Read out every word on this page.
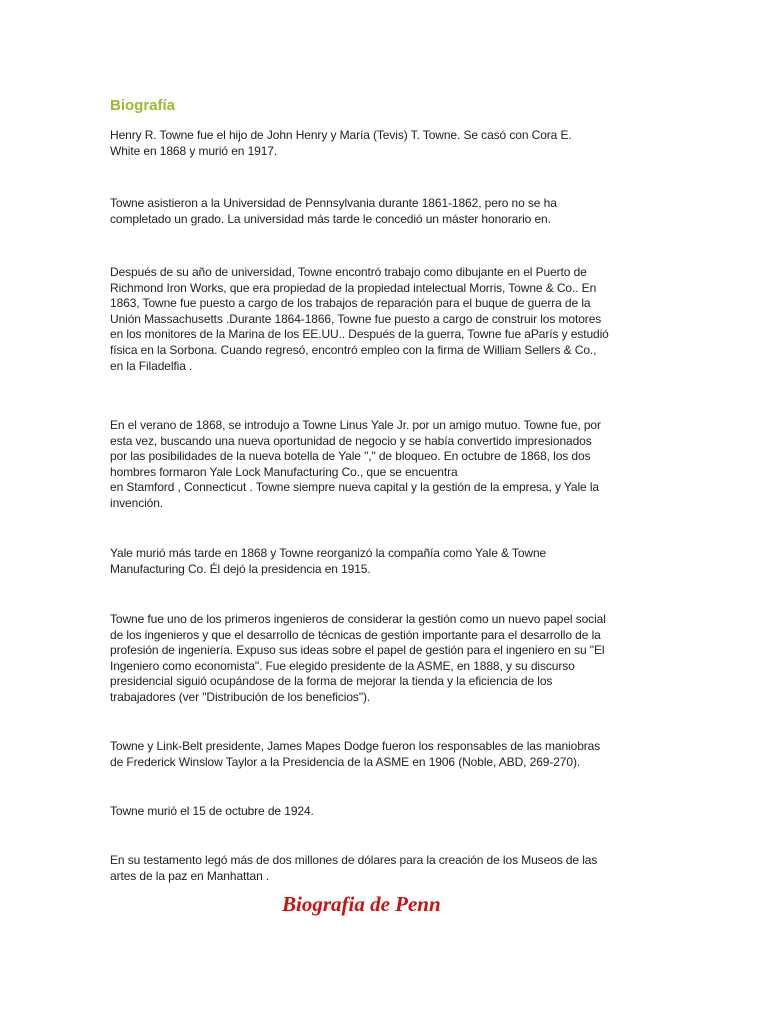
Biografía

Henry R. Towne fue el hijo de John Henry y María (Tevis) T. Towne. Se casó con Cora E.
White en 1868 y murió en 1917.

Towne asistieron a la Universidad de Pennsylvania durante 1861-1862, pero no se ha
completado un grado. La universidad más tarde le concedió un máster honorario en.

Después de su año de universidad, Towne encontró trabajo como dibujante en el Puerto de
Richmond Iron Works, que era propiedad de la propiedad intelectual Morris, Towne & Co.. En
1863, Towne fue puesto a cargo de los trabajos de reparación para el buque de guerra de la
Unión Massachusetts .Durante 1864-1866, Towne fue puesto a cargo de construir los motores
en los monitores de la Marina de los EE.UU.. Después de la guerra, Towne fue aParís y estudió
física en la Sorbona. Cuando regresó, encontró empleo con la firma de William Sellers & Co.,
en la Filadelfia .

En el verano de 1868, se introdujo a Towne Linus Yale Jr. por un amigo mutuo. Towne fue, por
esta vez, buscando una nueva oportunidad de negocio y se había convertido impresionados
por las posibilidades de la nueva botella de Yale "," de bloqueo. En octubre de 1868, los dos
hombres formaron Yale Lock Manufacturing Co., que se encuentra
en Stamford , Connecticut . Towne siempre nueva capital y la gestión de la empresa, y Yale la
invención.

Yale murió más tarde en 1868 y Towne reorganizó la compañía como Yale & Towne
Manufacturing Co. Él dejó la presidencia en 1915.

Towne fue uno de los primeros ingenieros de considerar la gestión como un nuevo papel social
de los ingenieros y que el desarrollo de técnicas de gestión importante para el desarrollo de la
profesión de ingeniería. Expuso sus ideas sobre el papel de gestión para el ingeniero en su "El
Ingeniero como economista". Fue elegido presidente de la ASME, en 1888, y su discurso
presidencial siguió ocupándose de la forma de mejorar la tienda y la eficiencia de los
trabajadores (ver "Distribución de los beneficios").

Towne y Link-Belt presidente, James Mapes Dodge fueron los responsables de las maniobras
de Frederick Winslow Taylor a la Presidencia de la ASME en 1906 (Noble, ABD, 269-270).

Towne murió el 15 de octubre de 1924.

En su testamento legó más de dos millones de dólares para la creación de los Museos de las
artes de la paz en Manhattan .

Biografia de Penn
